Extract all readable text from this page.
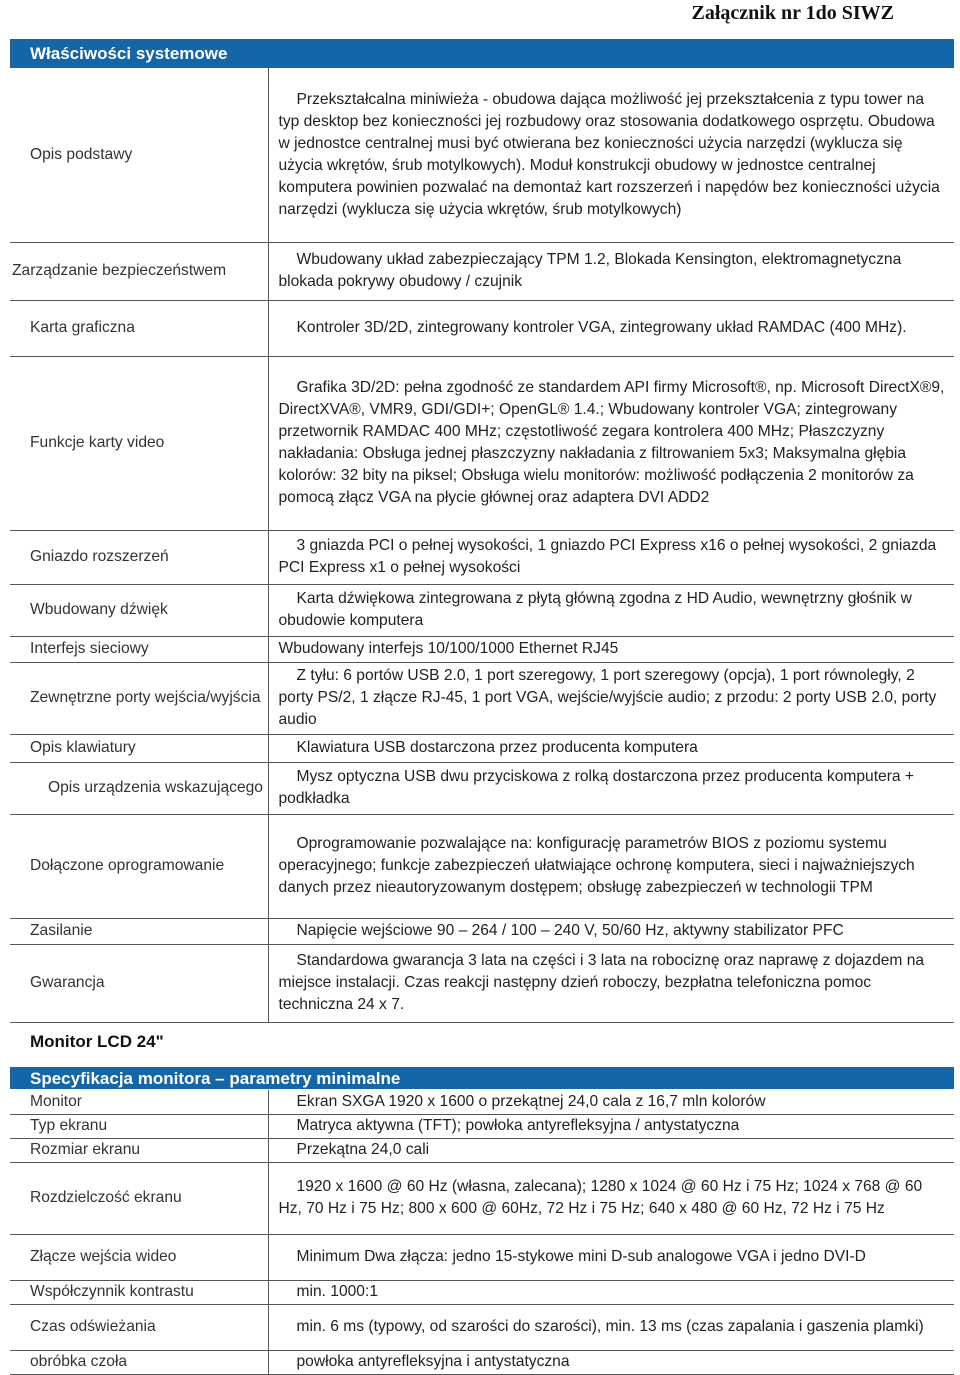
Załącznik nr 1do SIWZ
Właściwości systemowe
Opis podstawy	Przekształcalna miniwieża - obudowa dająca możliwość jej przekształcenia z typu tower na typ desktop bez konieczności jej rozbudowy oraz stosowania dodatkowego osprzętu. Obudowa w jednostce centralnej musi być otwierana bez konieczności użycia narzędzi (wyklucza się użycia wkrętów, śrub motylkowych). Moduł konstrukcji obudowy w jednostce centralnej komputera powinien pozwalać na demontaż kart rozszerzeń i napędów bez konieczności użycia narzędzi (wyklucza się użycia wkrętów, śrub motylkowych)
Zarządzanie bezpieczeństwem	Wbudowany układ zabezpieczający TPM 1.2, Blokada Kensington, elektromagnetyczna blokada pokrywy obudowy / czujnik
Karta graficzna	Kontroler 3D/2D, zintegrowany kontroler VGA, zintegrowany układ RAMDAC (400 MHz).
Funkcje karty video	Grafika 3D/2D: pełna zgodność ze standardem API firmy Microsoft®, np. Microsoft DirectX®9, DirectXVA®, VMR9, GDI/GDI+; OpenGL® 1.4.; Wbudowany kontroler VGA; zintegrowany przetwornik RAMDAC 400 MHz; częstotliwość zegara kontrolera 400 MHz; Płaszczyzny nakładania: Obsługa jednej płaszczyzny nakładania z filtrowaniem 5x3; Maksymalna głębia kolorów: 32 bity na piksel; Obsługa wielu monitorów: możliwość podłączenia 2 monitorów za pomocą złącz VGA na płycie głównej oraz adaptera DVI ADD2
Gniazdo rozszerzeń	3 gniazda PCI o pełnej wysokości, 1 gniazdo PCI Express x16 o pełnej wysokości, 2 gniazda PCI Express x1 o pełnej wysokości
Wbudowany dźwięk	Karta dźwiękowa zintegrowana z płytą główną zgodna z HD Audio, wewnętrzny głośnik w obudowie komputera
Interfejs sieciowy	Wbudowany interfejs 10/100/1000 Ethernet RJ45

Zewnętrzne porty wejścia/wyjścia	Z tyłu: 6 portów USB 2.0, 1 port szeregowy, 1 port szeregowy (opcja), 1 port równoległy, 2 porty PS/2, 1 złącze RJ-45, 1 port VGA, wejście/wyjście audio; z przodu: 2 porty USB 2.0, porty audio
Opis klawiatury	Klawiatura USB dostarczona przez producenta komputera

Opis urządzenia wskazującego	Mysz optyczna USB dwu przyciskowa z rolką dostarczona przez producenta komputera + podkładka
Dołączone oprogramowanie	Oprogramowanie pozwalające na: konfigurację parametrów BIOS z poziomu systemu operacyjnego; funkcje zabezpieczeń ułatwiające ochronę komputera, sieci i najważniejszych danych przez nieautoryzowanym dostępem; obsługę zabezpieczeń w technologii TPM
Zasilanie	Napięcie wejściowe 90 – 264 / 100 – 240 V, 50/60 Hz, aktywny stabilizator PFC
Gwarancja	Standardowa gwarancja 3 lata na części i 3 lata na robociznę oraz naprawę z dojazdem na miejsce instalacji. Czas reakcji następny dzień roboczy, bezpłatna telefoniczna pomoc techniczna 24 x 7.
Monitor LCD 24"
Specyfikacja monitora – parametry minimalne
Monitor	Ekran SXGA 1920 x 1600 o przekątnej 24,0 cala z 16,7 mln kolorów
Typ ekranu	Matryca aktywna (TFT); powłoka antyrefleksyjna / antystatyczna
Rozmiar ekranu	Przekątna 24,0 cali
Rozdzielczość ekranu	1920 x 1600 @ 60 Hz (własna, zalecana); 1280 x 1024 @ 60 Hz i 75 Hz; 1024 x 768 @ 60 Hz, 70 Hz i 75 Hz; 800 x 600 @ 60Hz, 72 Hz i 75 Hz; 640 x 480 @ 60 Hz, 72 Hz i 75 Hz
Złącze wejścia wideo	Minimum Dwa złącza: jedno 15-stykowe mini D-sub analogowe VGA i jedno DVI-D
Współczynnik kontrastu	min. 1000:1
Czas odświeżania	min. 6 ms (typowy, od szarości do szarości), min. 13 ms (czas zapalania i gaszenia plamki)
obróbka czoła	powłoka antyrefleksyjna i antystatyczna
